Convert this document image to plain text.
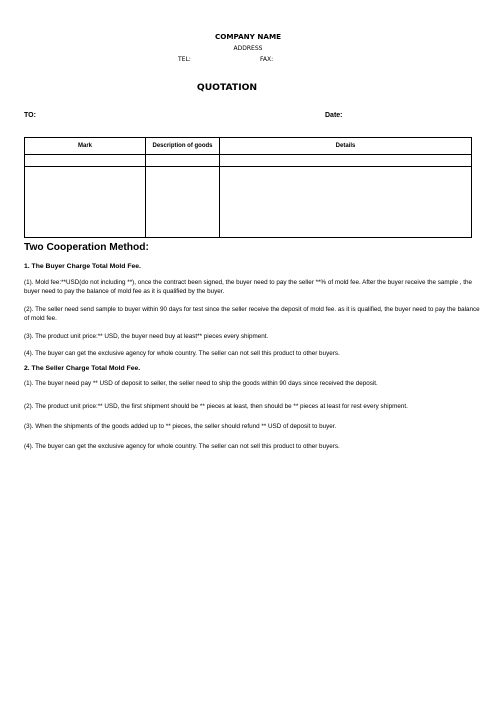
COMPANY NAME
ADDRESS
TEL:	FAX:
QUOTATION
TO:	Date:
Mark	Description of goods	Details

Two Cooperation Method:
1. The Buyer Charge Total Mold Fee.
(1). Mold fee:**USD(do not including **), once the contract been signed, the buyer need to pay the seller **% of mold fee. After the buyer receive the sample , the buyer need to pay the balance of mold fee as it is qualified by the buyer.
(2). The seller need send sample to buyer within 90 days for test since the seller receive the deposit of mold fee. as it is qualified, the buyer need to pay the balance of mold fee.
(3). The product unit price:** USD, the buyer need buy at least** pieces every shipment.
(4). The buyer can get the exclusive agency for whole country. The seller can not sell this product to other buyers.
2. The Seller Charge Total Mold Fee.
(1). The buyer need pay ** USD of deposit to seller, the seller need to ship the goods within 90 days since received the deposit.
(2). The product unit price:** USD, the first shipment should be ** pieces at least, then should be ** pieces at least for rest every shipment.
(3). When the shipments of the goods added up to ** pieces, the seller should refund ** USD of deposit to buyer.
(4). The buyer can get the exclusive agency for whole country. The seller can not sell this product to other buyers.
